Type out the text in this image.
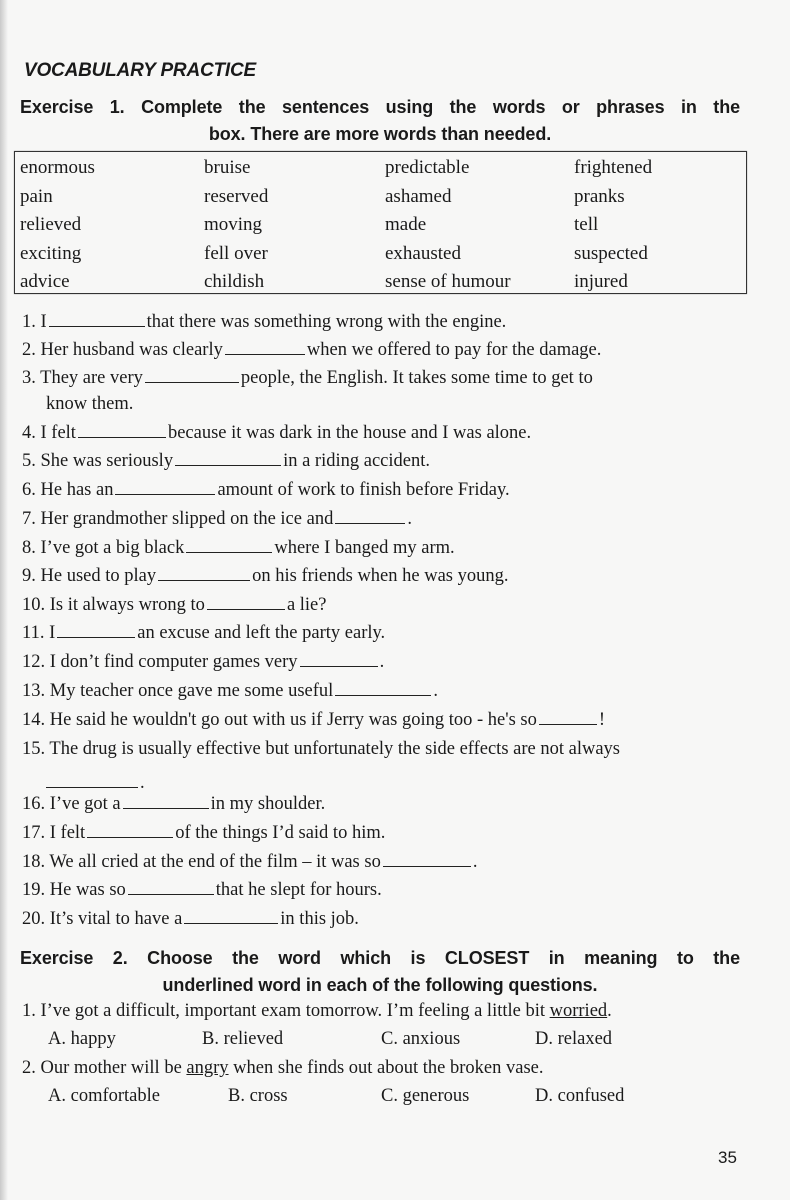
VOCABULARY PRACTICE
Exercise 1. Complete the sentences using the words or phrases in the
box. There are more words than needed.
enormous	bruise	predictable	frightened
pain	reserved	ashamed	pranks
relieved	moving	made	tell
exciting	fell over	exhausted	suspected
advice	childish	sense of humour	injured
1. I	that there was something wrong with the engine.
2. Her husband was clearly	when we offered to pay for the damage.
3. They are very	people, the English. It takes some time to get to
know them.
4. I felt	because it was dark in the house and I was alone.
5. She was seriously	in a riding accident.
6. He has an	amount of work to finish before Friday.
7. Her grandmother slipped on the ice and	.
8. I’ve got a big black	where I banged my arm.
9. He used to play	on his friends when he was young.
10. Is it always wrong to	a lie?
11. I	an excuse and left the party early.
12. I don’t find computer games very	.
13. My teacher once gave me some useful	.
14. He said he wouldn't go out with us if Jerry was going too - he's so	!
15. The drug is usually effective but unfortunately the side effects are not always
.
16. I’ve got a	in my shoulder.
17. I felt	of the things I’d said to him.
18. We all cried at the end of the film – it was so	.
19. He was so	that he slept for hours.
20. It’s vital to have a	in this job.
Exercise 2. Choose the word which is CLOSEST in meaning to the
underlined word in each of the following questions.
1. I’ve got a difficult, important exam tomorrow. I’m feeling a little bit worried.
A. happy	B. relieved	C. anxious	D. relaxed
2. Our mother will be angry when she finds out about the broken vase.
A. comfortable	B. cross	C. generous	D. confused
35
